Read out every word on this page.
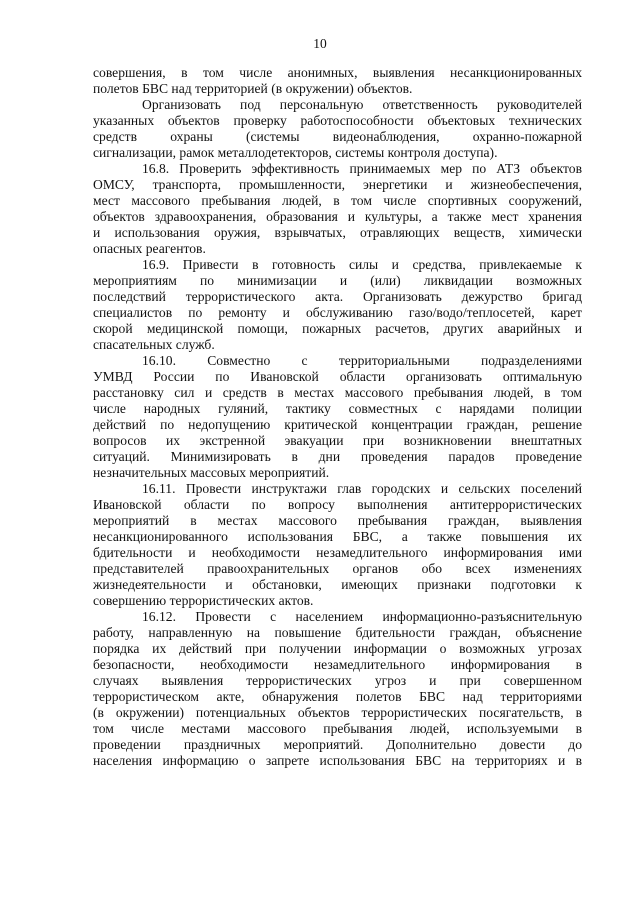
10
совершения, в том числе анонимных, выявления несанкционированных
полетов БВС над территорией (в окружении) объектов.
Организовать под персональную ответственность руководителей
указанных объектов проверку работоспособности объектовых технических
средств охраны (системы видеонаблюдения, охранно-пожарной
сигнализации, рамок металлодетекторов, системы контроля доступа).
16.8. Проверить эффективность принимаемых мер по АТЗ объектов
ОМСУ, транспорта, промышленности, энергетики и жизнеобеспечения,
мест массового пребывания людей, в том числе спортивных сооружений,
объектов здравоохранения, образования и культуры, а также мест хранения
и использования оружия, взрывчатых, отравляющих веществ, химически
опасных реагентов.
16.9. Привести в готовность силы и средства, привлекаемые к
мероприятиям по минимизации и (или) ликвидации возможных
последствий террористического акта. Организовать дежурство бригад
специалистов по ремонту и обслуживанию газо/водо/теплосетей, карет
скорой медицинской помощи, пожарных расчетов, других аварийных и
спасательных служб.
16.10. Совместно с территориальными подразделениями
УМВД России по Ивановской области организовать оптимальную
расстановку сил и средств в местах массового пребывания людей, в том
числе народных гуляний, тактику совместных с нарядами полиции
действий по недопущению критической концентрации граждан, решение
вопросов их экстренной эвакуации при возникновении внештатных
ситуаций. Минимизировать в дни проведения парадов проведение
незначительных массовых мероприятий.
16.11. Провести инструктажи глав городских и сельских поселений
Ивановской области по вопросу выполнения антитеррористических
мероприятий в местах массового пребывания граждан, выявления
несанкционированного использования БВС, а также повышения их
бдительности и необходимости незамедлительного информирования ими
представителей правоохранительных органов обо всех изменениях
жизнедеятельности и обстановки, имеющих признаки подготовки к
совершению террористических актов.
16.12. Провести с населением информационно-разъяснительную
работу, направленную на повышение бдительности граждан, объяснение
порядка их действий при получении информации о возможных угрозах
безопасности, необходимости незамедлительного информирования в
случаях выявления террористических угроз и при совершенном
террористическом акте, обнаружения полетов БВС над территориями
(в окружении) потенциальных объектов террористических посягательств, в
том числе местами массового пребывания людей, используемыми в
проведении праздничных мероприятий. Дополнительно довести до
населения информацию о запрете использования БВС на территориях и в
